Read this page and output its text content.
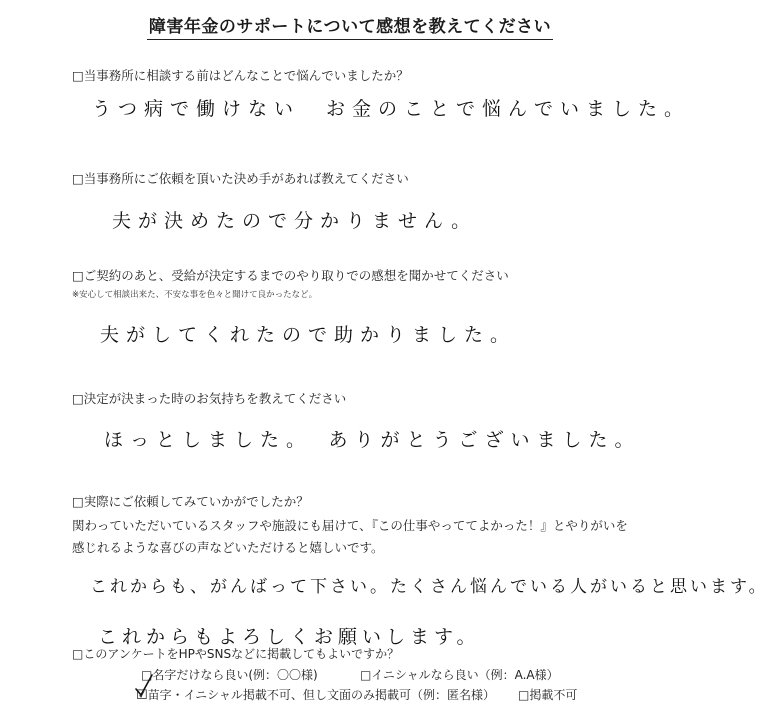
障害年金のサポートについて感想を教えてください
□当事務所に相談する前はどんなことで悩んでいましたか？
うつ病で働けない　お金のことで悩んでいました。
□当事務所にご依頼を頂いた決め手があれば教えてください
夫が決めたので分かりません。
□ご契約のあと、受給が決定するまでのやり取りでの感想を聞かせてください
※安心して相談出来た、不安な事を色々と聞けて良かったなど。
夫がしてくれたので助かりました。
□決定が決まった時のお気持ちを教えてください
ほっとしました。　ありがとうございました。
□実際にご依頼してみていかがでしたか？
関わっていただいているスタッフや施設にも届けて、『この仕事やっててよかった！』とやりがいを
感じれるような喜びの声などいただけると嬉しいです。
これからも、がんばって下さい。たくさん悩んでいる人がいると思います。
これからもよろしくお願いします。
□このアンケートをHPやSNSなどに掲載してもよいですか？
□名字だけなら良い(例：〇〇様)	□イニシャルなら良い（例：A.A様）
☑苗字・イニシャル掲載不可、但し文面のみ掲載可（例：匿名様） □掲載不可
